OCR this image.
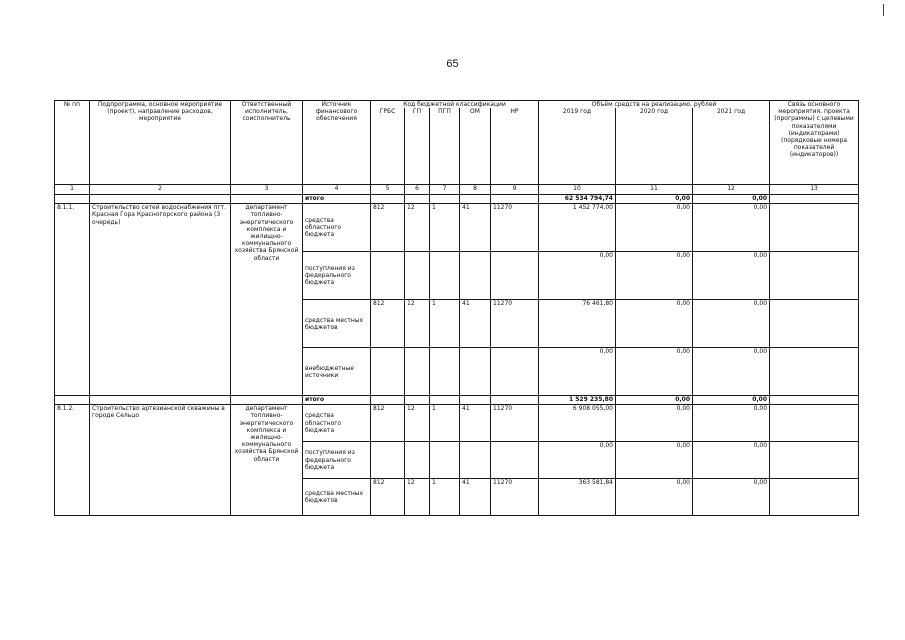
65
№ пп	Подпрограмма, основное мероприятие (проект), направление расходов, мероприятие	Ответственный исполнитель, соисполнитель	Источник финансового обеспечения	Код бюджетной классификации					Объём средств на реализацию, рублей			Связь основного мероприятия, проекта (программы) с целевыми показателями (индикаторами) (порядковые номера показателей (индикаторов))
				ГРБС	ГП	ПГП	ОМ	НР	2019 год	2020 год	2021 год	
1	2	3	4	5	6	7	8	9	10	11	12	13
			итого						62 534 794,74	0,00	0,00	
8.1.1.	Строительство сетей водоснабжения пгт. Красная Гора Красногорского района (3 очередь)	департамент топливно-энергетического комплекса и жилищно-коммунального хозяйства Брянской области	средства областного бюджета	812	12	1	41	11270	1 452 774,00	0,00	0,00	
			поступления из федерального бюджета						0,00	0,00	0,00	
			средства местных бюджетов	812	12	1	41	11270	76 461,80	0,00	0,00	
			внебюджетные источники						0,00	0,00	0,00	
			итого						1 529 235,80	0,00	0,00	
8.1.2.	Строительство артезианской скважины в городе Сельцо	департамент топливно-энергетического комплекса и жилищно-коммунального хозяйства Брянской области	средства областного бюджета	812	12	1	41	11270	6 908 055,00	0,00	0,00	
			поступления из федерального бюджета						0,00	0,00	0,00	
			средства местных бюджетов	812	12	1	41	11270	363 581,84	0,00	0,00	
